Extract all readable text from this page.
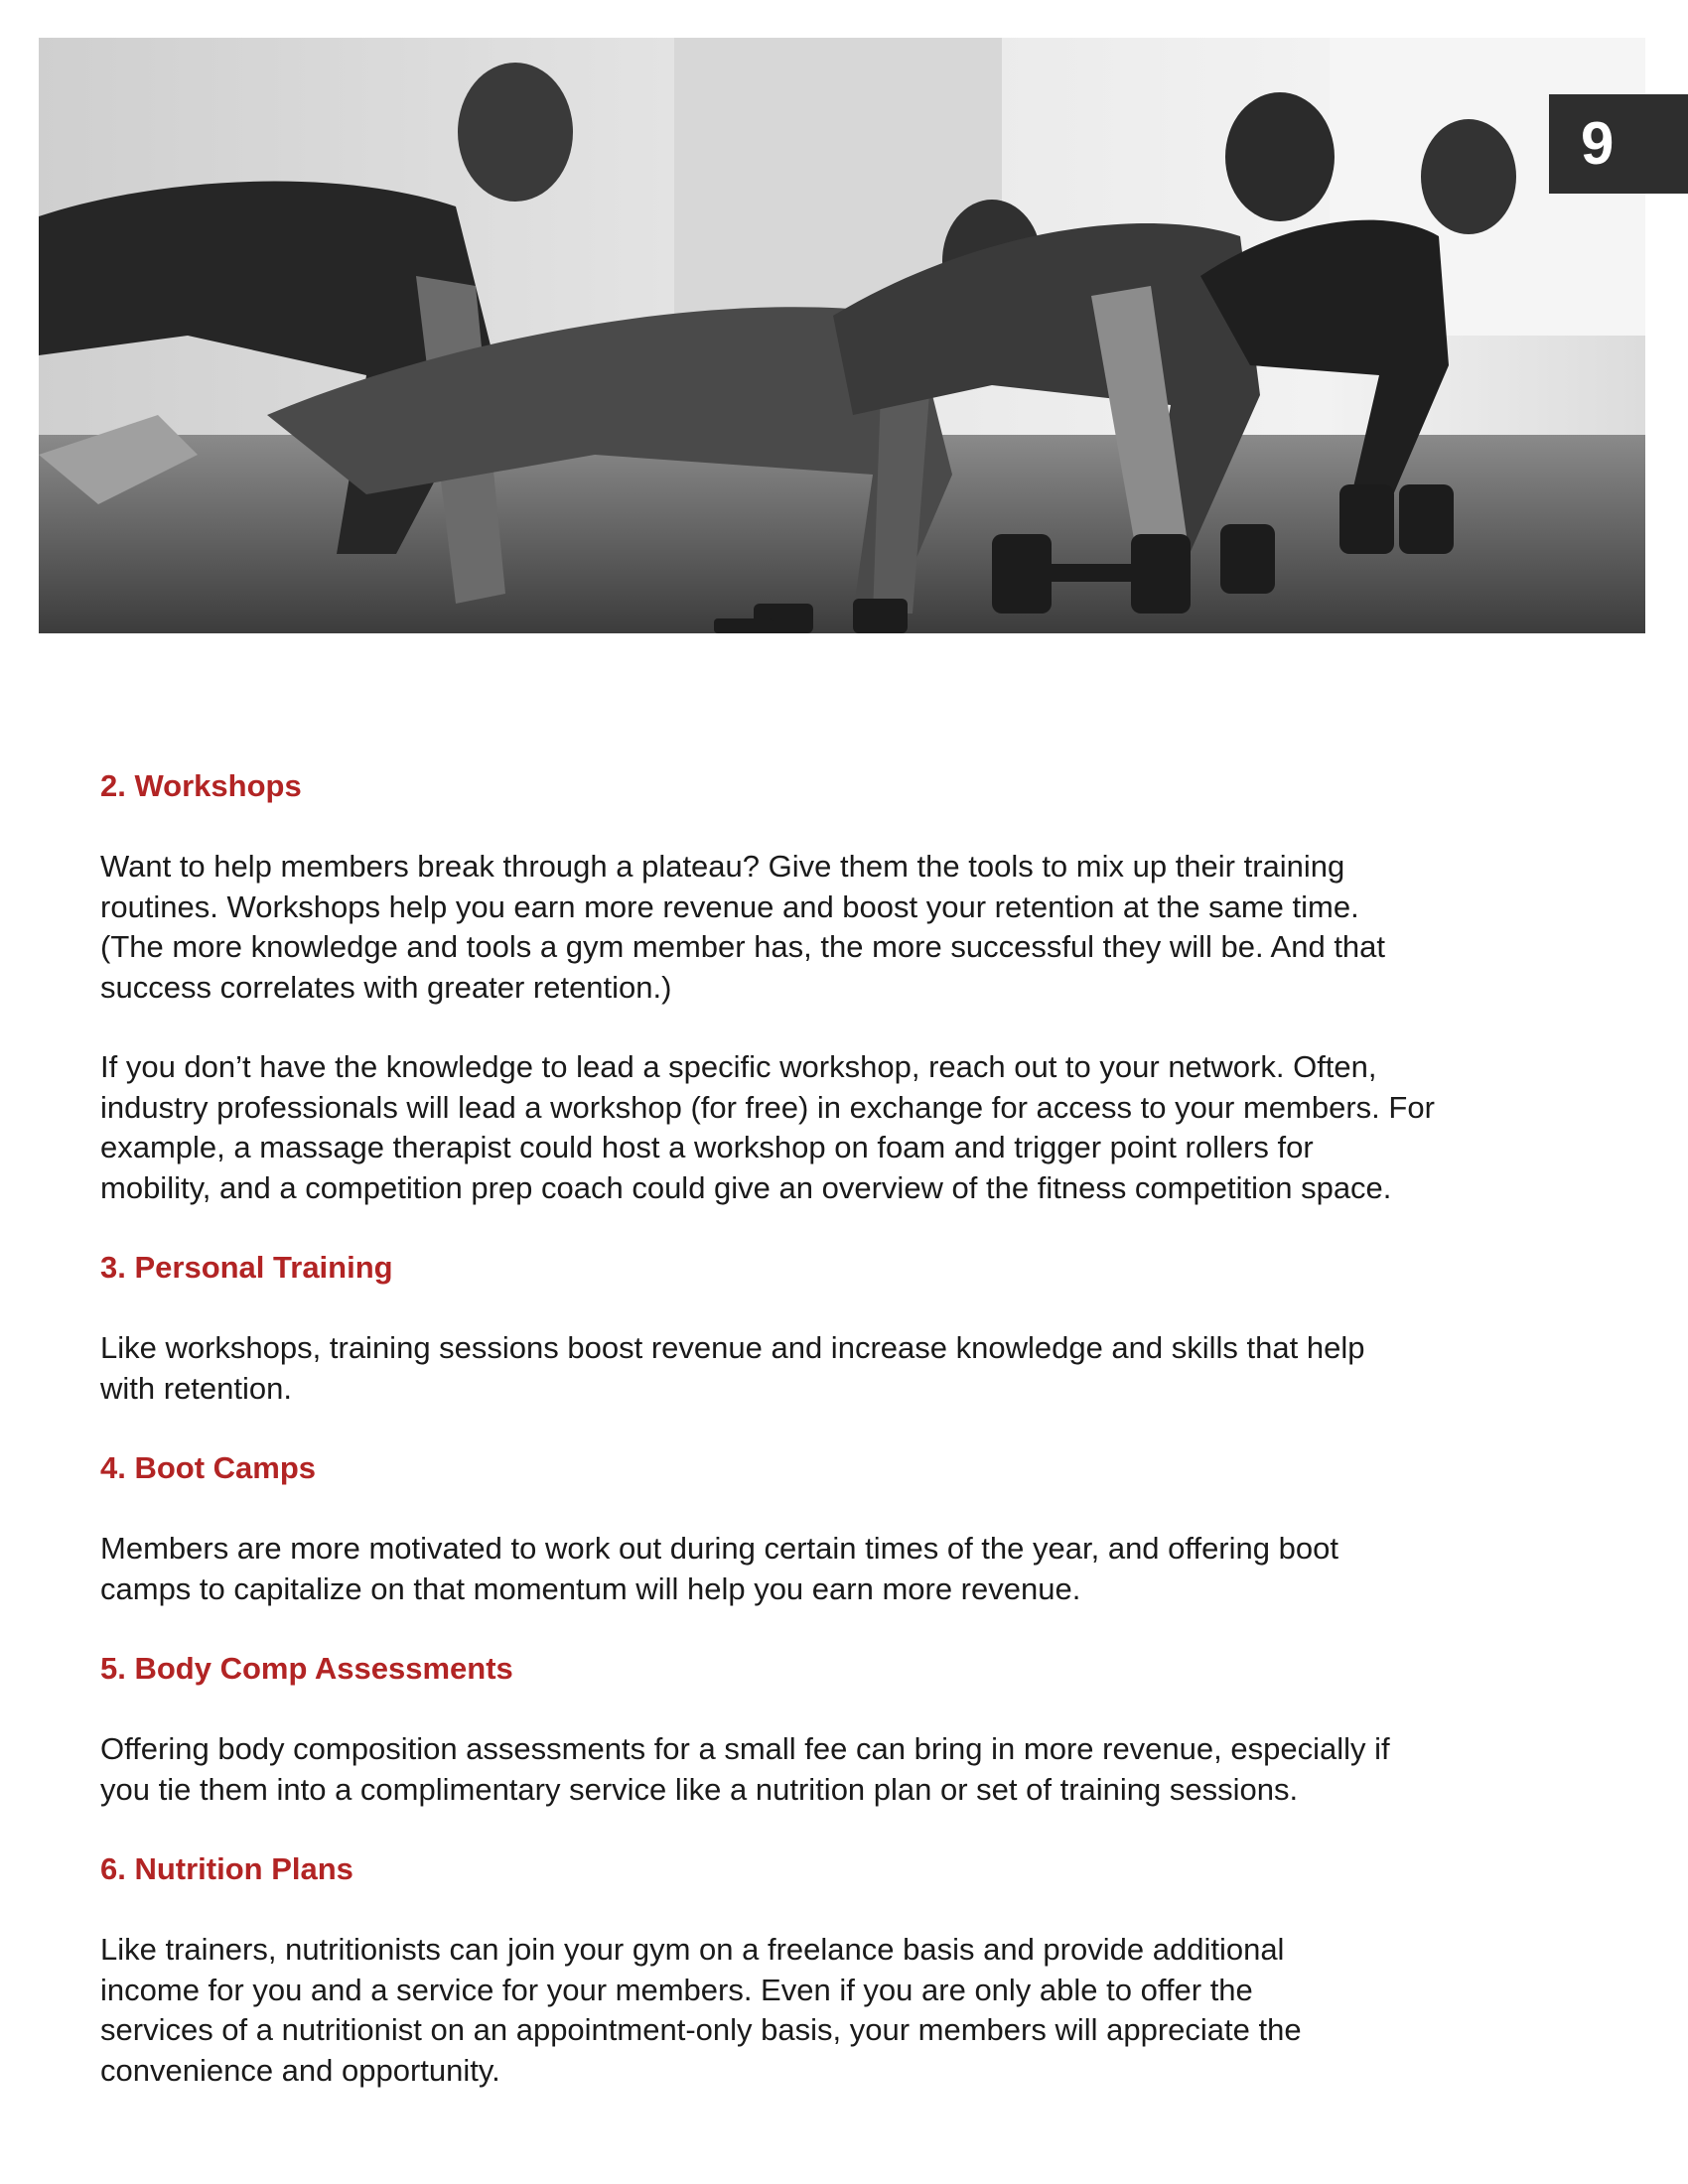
9
2. Workshops

Want to help members break through a plateau? Give them the tools to mix up their training

routines. Workshops help you earn more revenue and boost your retention at the same time.

(The more knowledge and tools a gym member has, the more successful they will be. And that

success correlates with greater retention.)

If you don’t have the knowledge to lead a specific workshop, reach out to your network. Often,

industry professionals will lead a workshop (for free) in exchange for access to your members. For

example, a massage therapist could host a workshop on foam and trigger point rollers for

mobility, and a competition prep coach could give an overview of the fitness competition space.

3. Personal Training

Like workshops, training sessions boost revenue and increase knowledge and skills that help

with retention.

4. Boot Camps

Members are more motivated to work out during certain times of the year, and offering boot

camps to capitalize on that momentum will help you earn more revenue.

5. Body Comp Assessments

Offering body composition assessments for a small fee can bring in more revenue, especially if

you tie them into a complimentary service like a nutrition plan or set of training sessions.

6. Nutrition Plans

Like trainers, nutritionists can join your gym on a freelance basis and provide additional

income for you and a service for your members. Even if you are only able to offer the

services of a nutritionist on an appointment-only basis, your members will appreciate the

convenience and opportunity.
